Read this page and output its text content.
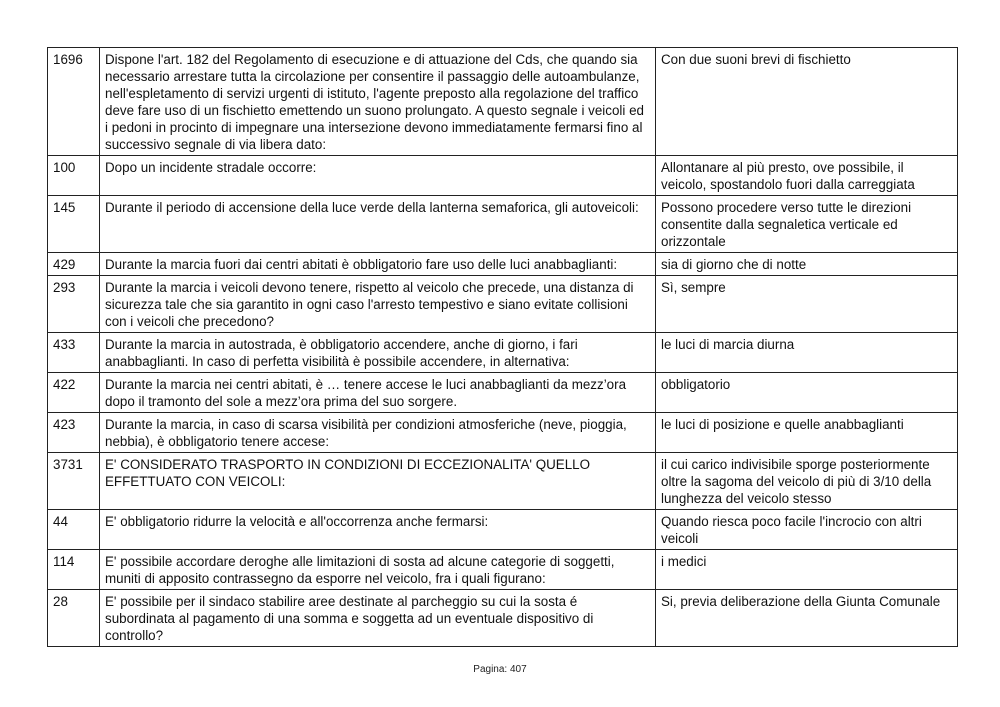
1696	Dispone l'art. 182 del Regolamento di esecuzione e di attuazione del Cds, che quando sia necessario arrestare tutta la circolazione per consentire il passaggio delle autoambulanze, nell'espletamento di servizi urgenti di istituto, l'agente preposto alla regolazione del traffico deve fare uso di un fischietto emettendo un suono prolungato. A questo segnale i veicoli ed i pedoni in procinto di impegnare una intersezione devono immediatamente fermarsi fino al successivo segnale di via libera dato:	Con due suoni brevi di fischietto
100	Dopo un incidente stradale occorre:	Allontanare al più presto, ove possibile, il veicolo, spostandolo fuori dalla carreggiata
145	Durante il periodo di accensione della luce verde della lanterna semaforica, gli autoveicoli:	Possono procedere verso tutte le direzioni consentite dalla segnaletica verticale ed orizzontale
429	Durante la marcia fuori dai centri abitati è obbligatorio fare uso delle luci anabbaglianti:	sia di giorno che di notte
293	Durante la marcia i veicoli devono tenere, rispetto al veicolo che precede, una distanza di sicurezza tale che sia garantito in ogni caso l'arresto tempestivo e siano evitate collisioni con i veicoli che precedono?	Sì, sempre
433	Durante la marcia in autostrada, è obbligatorio accendere, anche di giorno, i fari anabbaglianti. In caso di perfetta visibilità è possibile accendere, in alternativa:	le luci di marcia diurna
422	Durante la marcia nei centri abitati, è … tenere accese le luci anabbaglianti da mezz’ora dopo il tramonto del sole a mezz’ora prima del suo sorgere.	obbligatorio
423	Durante la marcia, in caso di scarsa visibilità per condizioni atmosferiche (neve, pioggia, nebbia), è obbligatorio tenere accese:	le luci di posizione e quelle anabbaglianti
3731	E' CONSIDERATO TRASPORTO IN CONDIZIONI DI ECCEZIONALITA' QUELLO EFFETTUATO CON VEICOLI:	il cui carico indivisibile sporge posteriormente oltre la sagoma del veicolo di più di 3/10 della lunghezza del veicolo stesso
44	E' obbligatorio ridurre la velocità e all'occorrenza anche fermarsi:	Quando riesca poco facile l'incrocio con altri veicoli
114	E' possibile accordare deroghe alle limitazioni di sosta ad alcune categorie di soggetti, muniti di apposito contrassegno da esporre nel veicolo, fra i quali figurano:	i medici
28	E' possibile per il sindaco stabilire aree destinate al parcheggio su cui la sosta é subordinata al pagamento di una somma e soggetta ad un eventuale dispositivo di controllo?	Si, previa deliberazione della Giunta Comunale
Pagina: 407
